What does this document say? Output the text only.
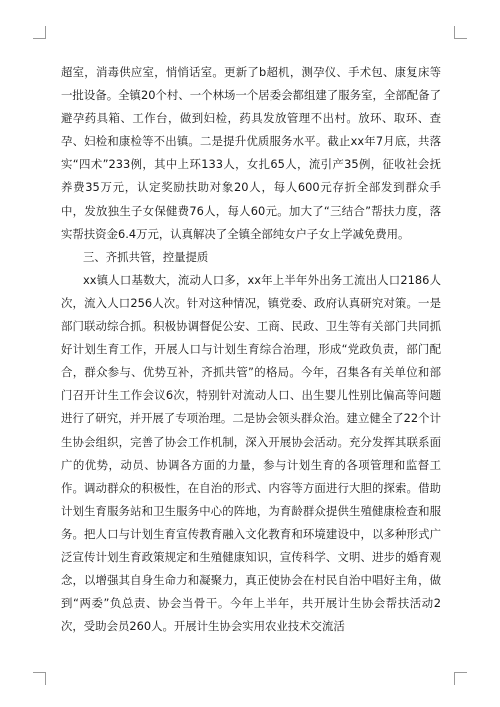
超室，消毒供应室，悄悄话室。更新了b超机，测孕仪、手术包、康复床等一批设备。全镇20个村、一个林场一个居委会都组建了服务室，全部配备了避孕药具箱、工作台，做到妇检，药具发放管理不出村。放环、取环、查孕、妇检和康检等不出镇。二是提升优质服务水平。截止xx年7月底，共落实“四术”233例，其中上环133人，女扎65人，流引产35例，征收社会抚养费35万元，认定奖励扶助对象20人，每人600元存折全部发到群众手中，发放独生子女保健费76人，每人60元。加大了“三结合”帮扶力度，落实帮扶资金6.4万元，认真解决了全镇全部纯女户子女上学减免费用。

三、齐抓共管，控量提质

xx镇人口基数大，流动人口多，xx年上半年外出务工流出人口2186人次，流入人口256人次。针对这种情况，镇党委、政府认真研究对策。一是部门联动综合抓。积极协调督促公安、工商、民政、卫生等有关部门共同抓好计划生育工作，开展人口与计划生育综合治理，形成“党政负责，部门配合，群众参与、优势互补，齐抓共管”的格局。今年，召集各有关单位和部门召开计生工作会议6次，特别针对流动人口、出生婴儿性别比偏高等问题进行了研究，并开展了专项治理。二是协会领头群众治。建立健全了22个计生协会组织，完善了协会工作机制，深入开展协会活动。充分发挥其联系面广的优势，动员、协调各方面的力量，参与计划生育的各项管理和监督工作。调动群众的积极性，在自治的形式、内容等方面进行大胆的探索。借助计划生育服务站和卫生服务中心的阵地，为育龄群众提供生殖健康检查和服务。把人口与计划生育宣传教育融入文化教育和环境建设中，以多种形式广泛宣传计划生育政策规定和生殖健康知识，宣传科学、文明、进步的婚育观念，以增强其自身生命力和凝聚力，真正使协会在村民自治中唱好主角，做到“两委”负总责、协会当骨干。今年上半年，共开展计生协会帮扶活动2次，受助会员260人。开展计生协会实用农业技术交流活
